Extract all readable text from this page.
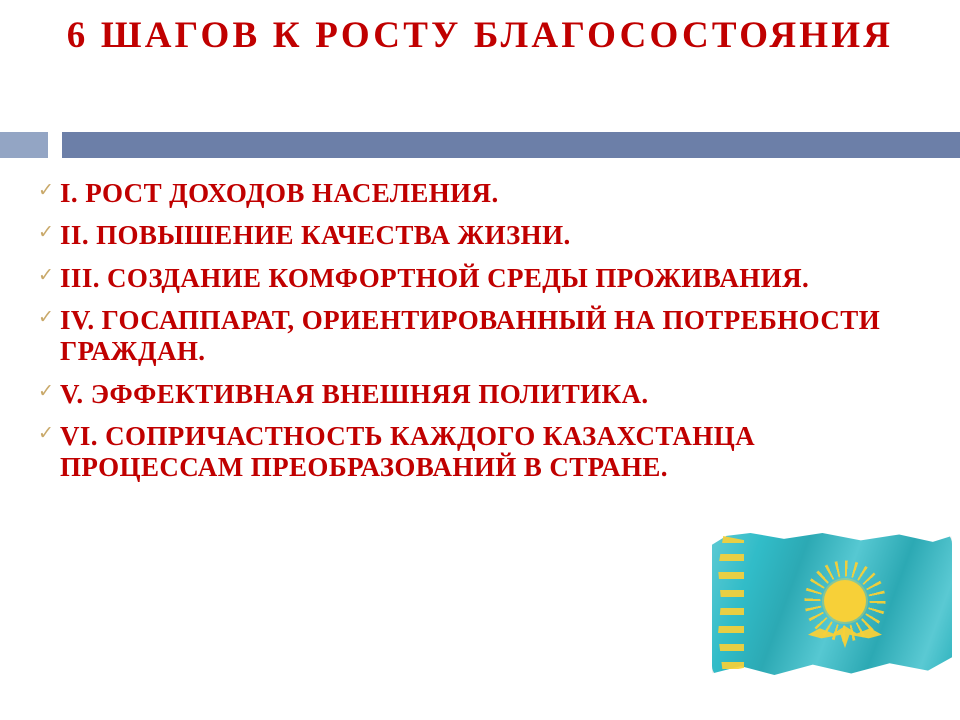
6 ШАГОВ К РОСТУ БЛАГОСОСТОЯНИЯ
✓ I. РОСТ ДОХОДОВ НАСЕЛЕНИЯ.
✓ II. ПОВЫШЕНИЕ КАЧЕСТВА ЖИЗНИ.
✓ III. СОЗДАНИЕ КОМФОРТНОЙ СРЕДЫ ПРОЖИВАНИЯ.
✓ IV. ГОСАППАРАТ, ОРИЕНТИРОВАННЫЙ НА ПОТРЕБНОСТИ ГРАЖДАН.
✓ V. ЭФФЕКТИВНАЯ ВНЕШНЯЯ ПОЛИТИКА.
✓ VI. СОПРИЧАСТНОСТЬ КАЖДОГО КАЗАХСТАНЦА ПРОЦЕССАМ ПРЕОБРАЗОВАНИЙ В СТРАНЕ.
